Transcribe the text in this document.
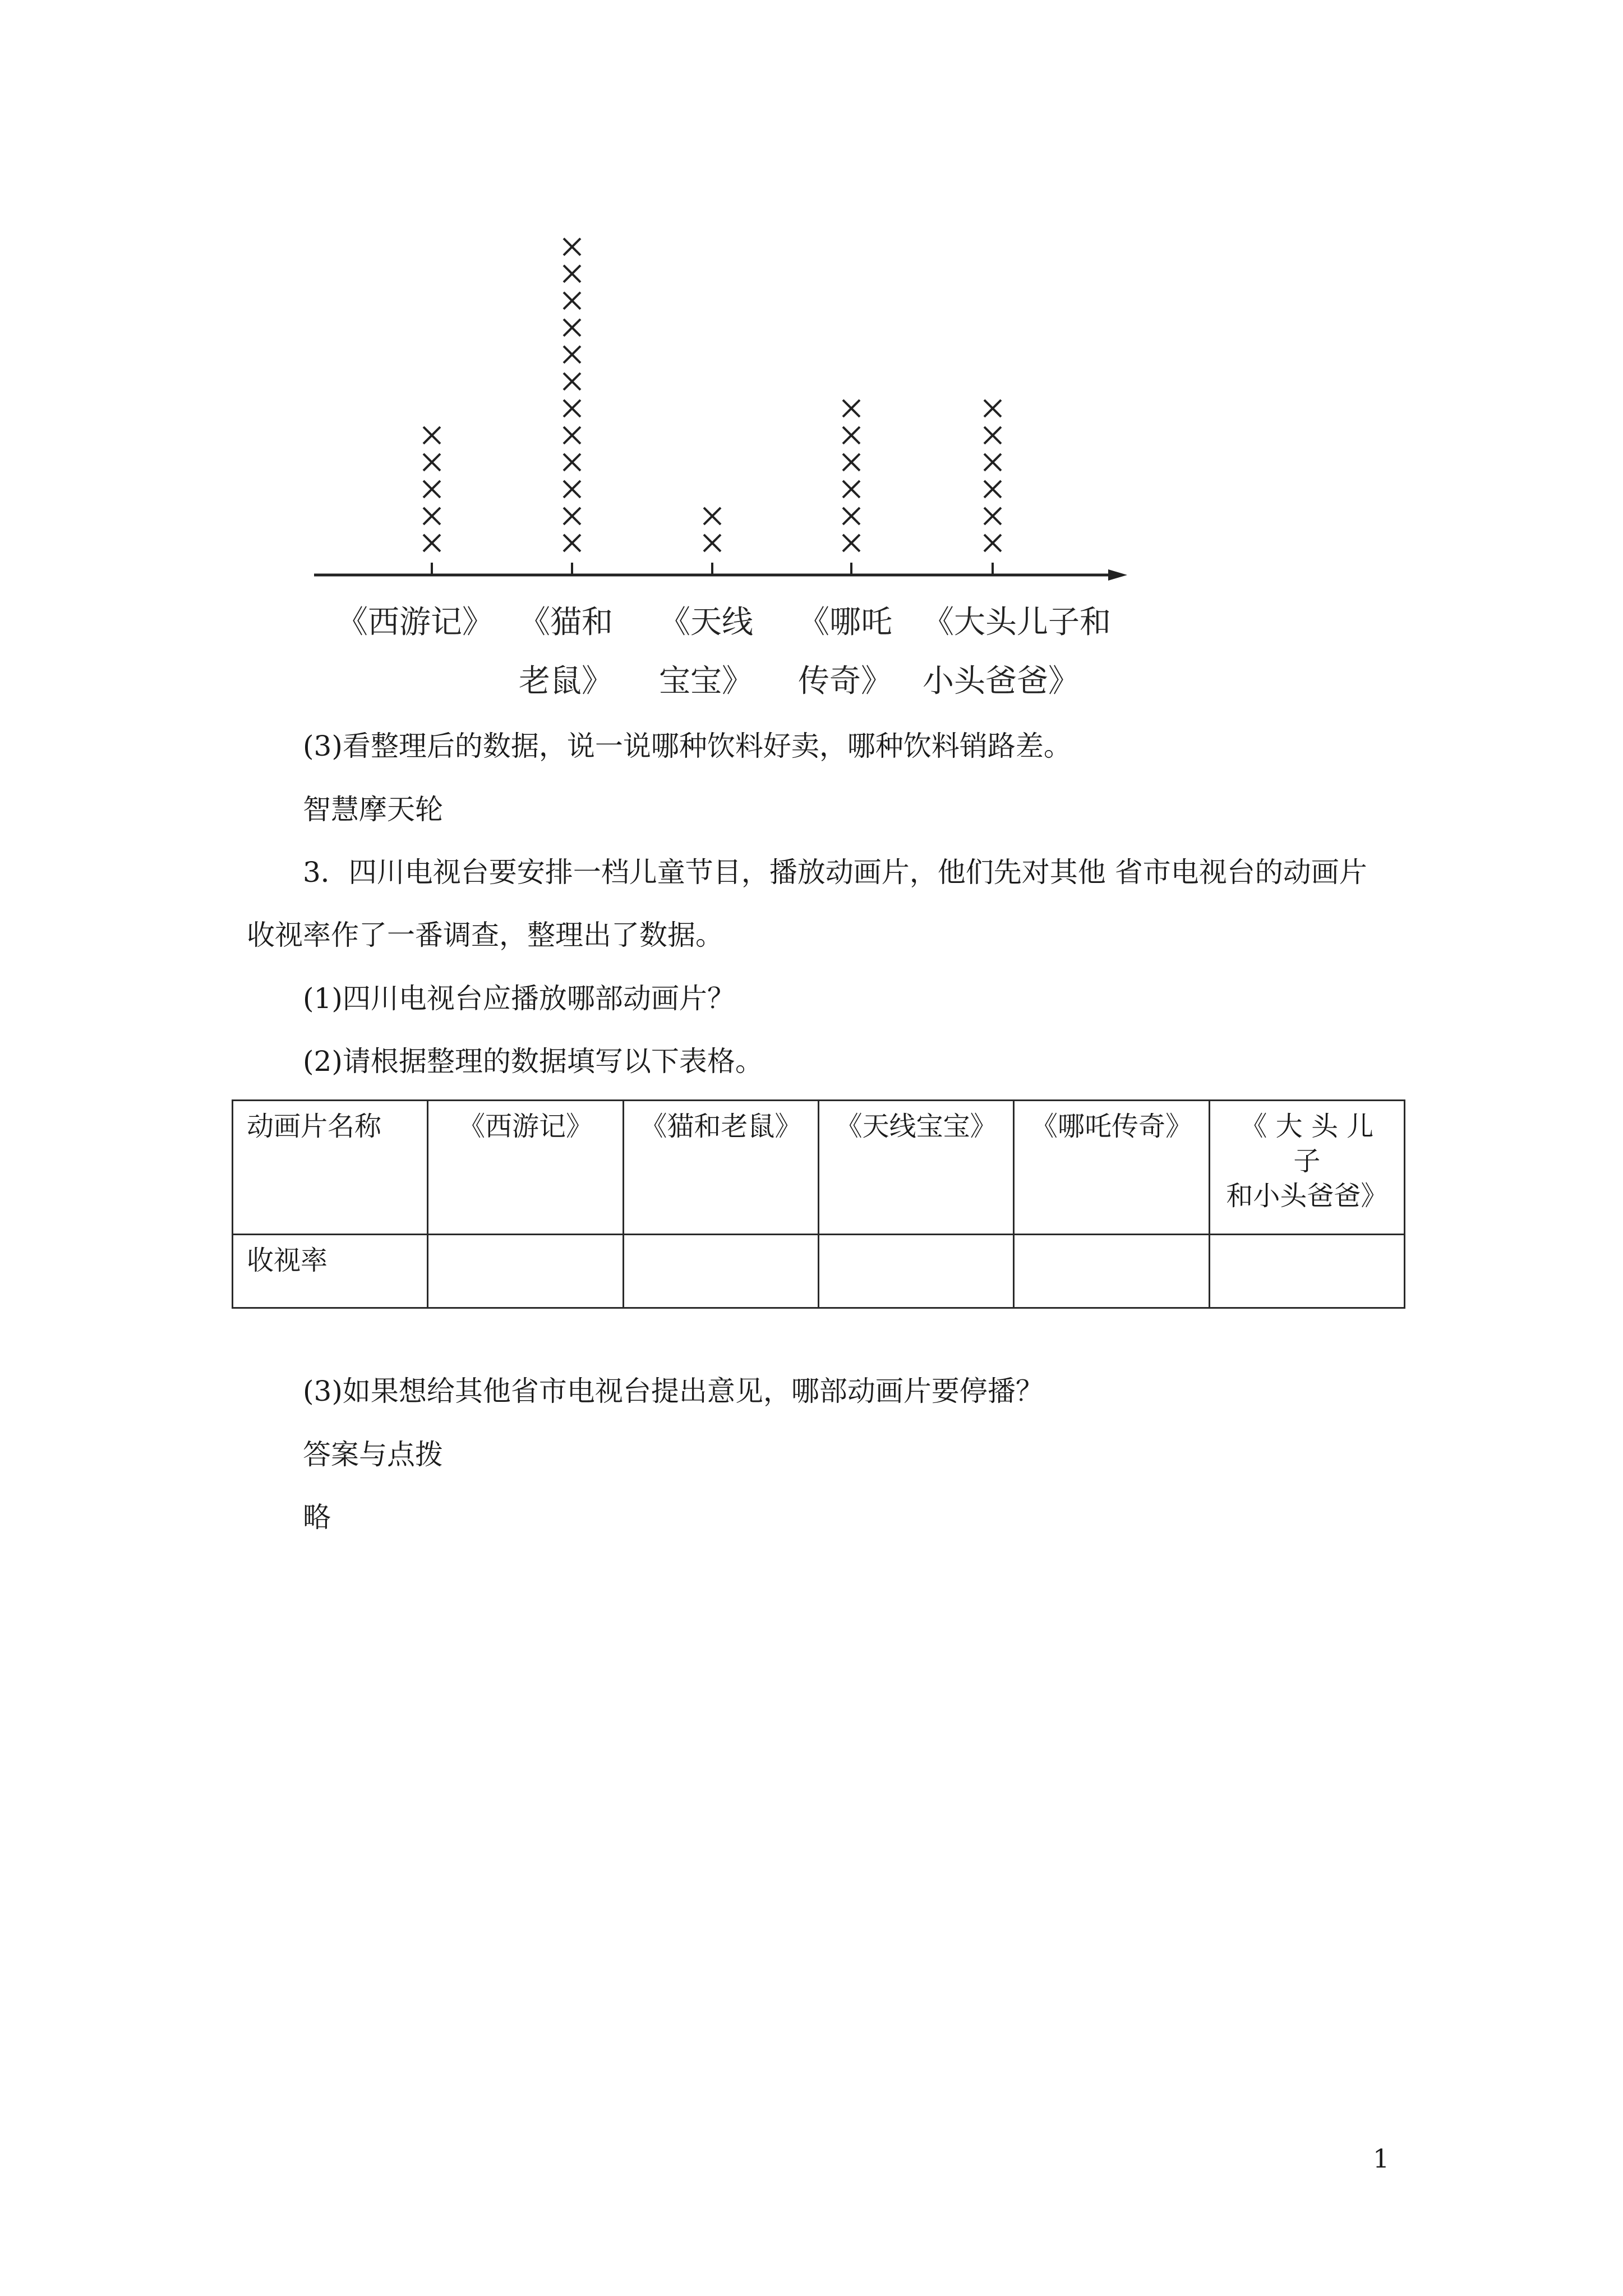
《西游记》 《猫和
老鼠》
《天线
宝宝》
《哪吒
传奇》
《大头儿子和
小头爸爸》

(3)看整理后的数据，说一说哪种饮料好卖，哪种饮料销路差。

智慧摩天轮

3．四川电视台要安排一档儿童节目，播放动画片，他们先对其他 省市电视台的动画片

收视率作了一番调查，整理出了数据。

(1)四川电视台应播放哪部动画片？

(2)请根据整理的数据填写以下表格。

动画片名称	《西游记》	《猫和老鼠》	《天线宝宝》	《哪吒传奇》	《 大 头 儿 子
和小头爸爸》

收视率					

(3)如果想给其他省市电视台提出意见，哪部动画片要停播？

答案与点拨

略

1
